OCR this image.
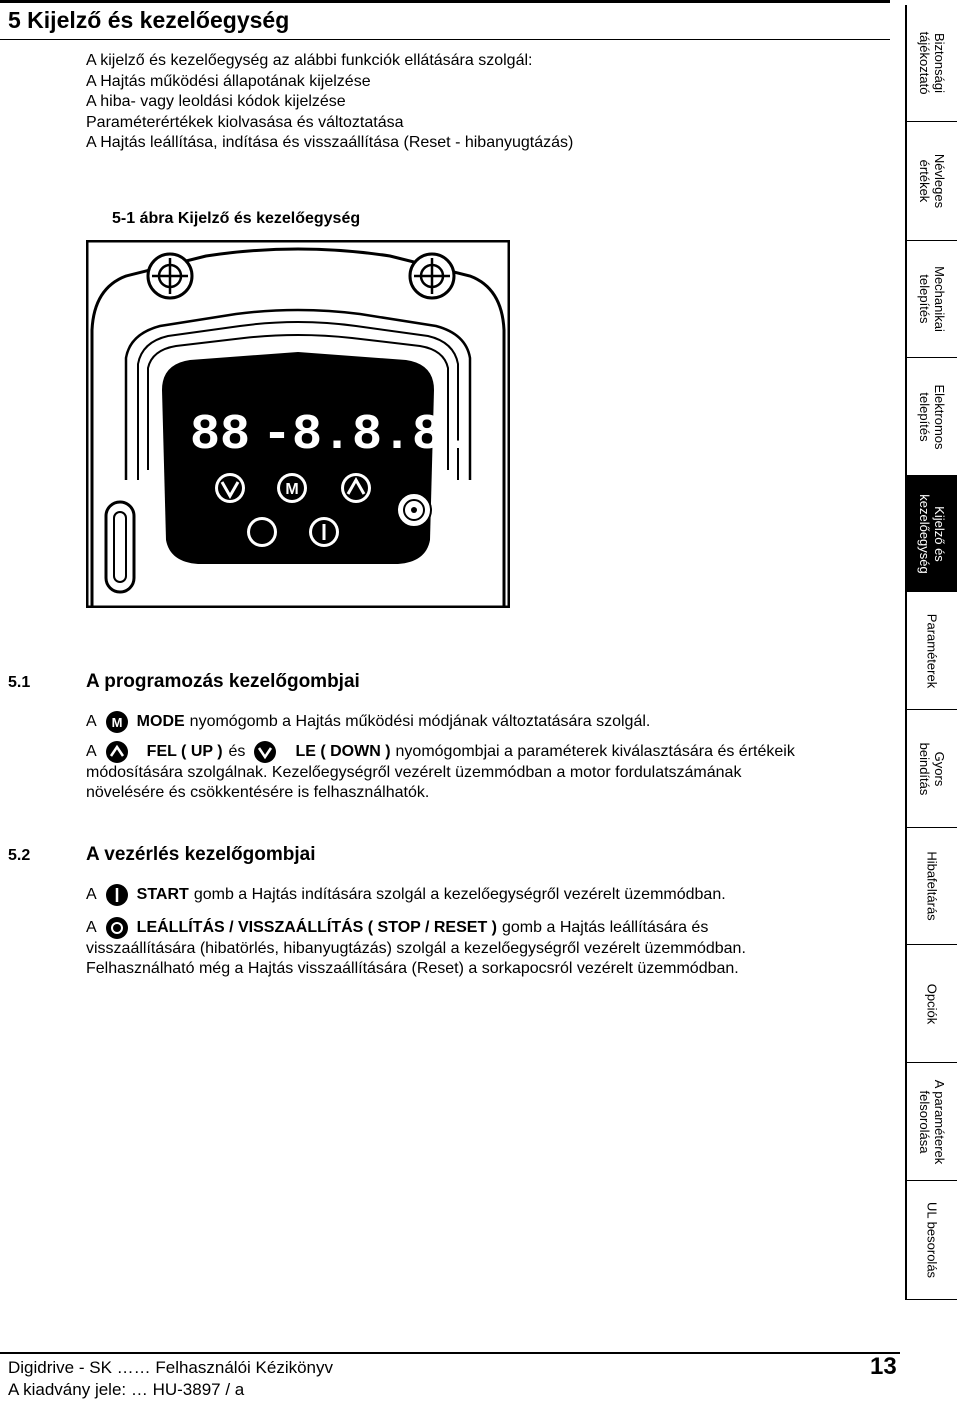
5 Kijelző és kezelőegység
A kijelző és kezelőegység az alábbi funkciók ellátására szolgál:
A Hajtás működési állapotának kijelzése
A hiba- vagy leoldási kódok kijelzése
Paraméterértékek kiolvasása és változtatása
A Hajtás leállítása, indítása és visszaállítása (Reset - hibanyugtázás)
5-1 ábra Kijelző és kezelőegység
88 -8.8.8.8
M
5.1	A programozás kezelőgombjai
A M MODE nyomógomb a Hajtás működési módjának változtatására szolgál.
A	FEL ( UP ) és	LE ( DOWN ) nyomógombjai a paraméterek kiválasztására és értékeik
módosítására szolgálnak. Kezelőegységről vezérelt üzemmódban a motor fordulatszámának
növelésére és csökkentésére is felhasználhatók.
5.2	A vezérlés kezelőgombjai
A	START gomb a Hajtás indítására szolgál a kezelőegységről vezérelt üzemmódban.
A	LEÁLLÍTÁS / VISSZAÁLLÍTÁS ( STOP / RESET ) gomb a Hajtás leállítására és
visszaállítására (hibatörlés, hibanyugtázás) szolgál a kezelőegységről vezérelt üzemmódban.
Felhasználható még a Hajtás visszaállítására (Reset) a sorkapocsról vezérelt üzemmódban.
Digidrive - SK …… Felhasználói Kézikönyv
A kiadvány jele: … HU-3897 / a
13
Biztonsági
tájékoztató
Névleges
értékek
Mechanikai
telepítés
Elektromos
telepítés
Kijelző és
kezelőegység
Paraméterek
Gyors
beindítás
Hibafeltárás
Opciók
A paraméterek
felsorolása
UL besorolás
